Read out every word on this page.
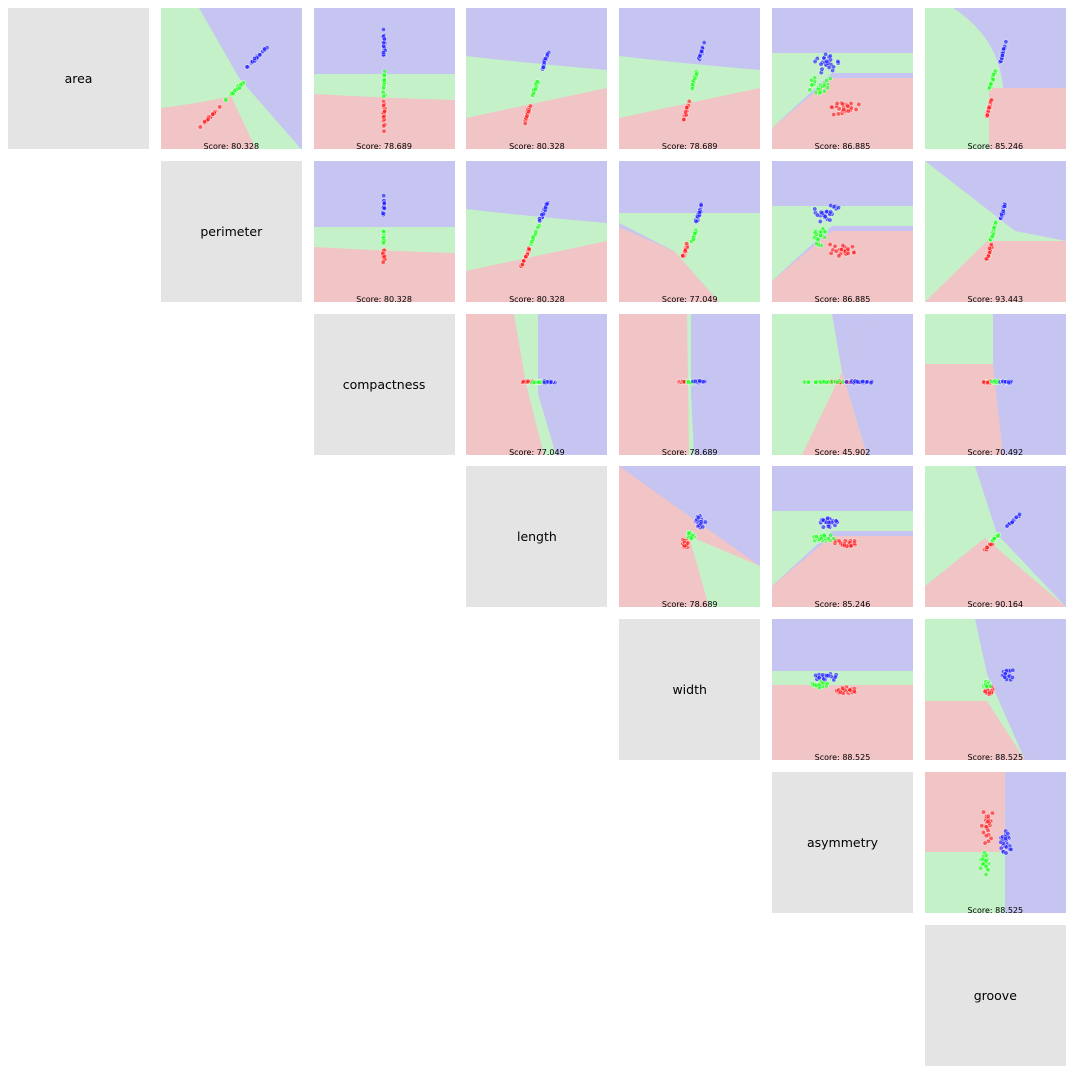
area
perimeter
compactness
length
width
asymmetry
groove
Score: 80.328	Score: 78.689	Score: 80.328	Score: 78.689	Score: 86.885	Score: 85.246
Score: 80.328	Score: 80.328	Score: 77.049	Score: 86.885	Score: 93.443
Score: 77.049	Score: 78.689	Score: 45.902	Score: 70.492
Score: 78.689	Score: 85.246	Score: 90.164
Score: 88.525	Score: 88.525
Score: 88.525
